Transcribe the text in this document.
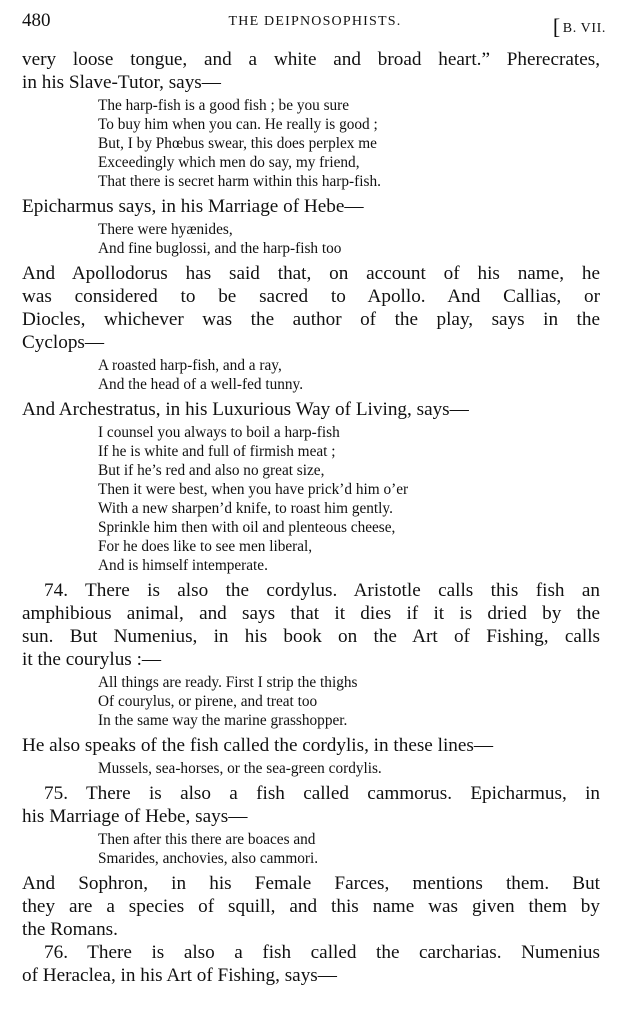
480	THE DEIPNOSOPHISTS.	[ B. VII.
very loose tongue, and a white and broad heart.” Pherecrates,
in his Slave-Tutor, says—
The harp-fish is a good fish ; be you sure
To buy him when you can. He really is good ;
But, I by Phœbus swear, this does perplex me
Exceedingly which men do say, my friend,
That there is secret harm within this harp-fish.
Epicharmus says, in his Marriage of Hebe—
There were hyænides,
And fine buglossi, and the harp-fish too
And Apollodorus has said that, on account of his name, he
was considered to be sacred to Apollo. And Callias, or
Diocles, whichever was the author of the play, says in the
Cyclops—
A roasted harp-fish, and a ray,
And the head of a well-fed tunny.
And Archestratus, in his Luxurious Way of Living, says—
I counsel you always to boil a harp-fish
If he is white and full of firmish meat ;
But if he’s red and also no great size,
Then it were best, when you have prick’d him o’er
With a new sharpen’d knife, to roast him gently.
Sprinkle him then with oil and plenteous cheese,
For he does like to see men liberal,
And is himself intemperate.
74. There is also the cordylus. Aristotle calls this fish an
amphibious animal, and says that it dies if it is dried by the
sun. But Numenius, in his book on the Art of Fishing, calls
it the courylus :—
All things are ready. First I strip the thighs
Of courylus, or pirene, and treat too
In the same way the marine grasshopper.
He also speaks of the fish called the cordylis, in these lines—
Mussels, sea-horses, or the sea-green cordylis.
75. There is also a fish called cammorus. Epicharmus, in
his Marriage of Hebe, says—
Then after this there are boaces and
Smarides, anchovies, also cammori.
And Sophron, in his Female Farces, mentions them. But
they are a species of squill, and this name was given them by
the Romans.
76. There is also a fish called the carcharias. Numenius
of Heraclea, in his Art of Fishing, says—
